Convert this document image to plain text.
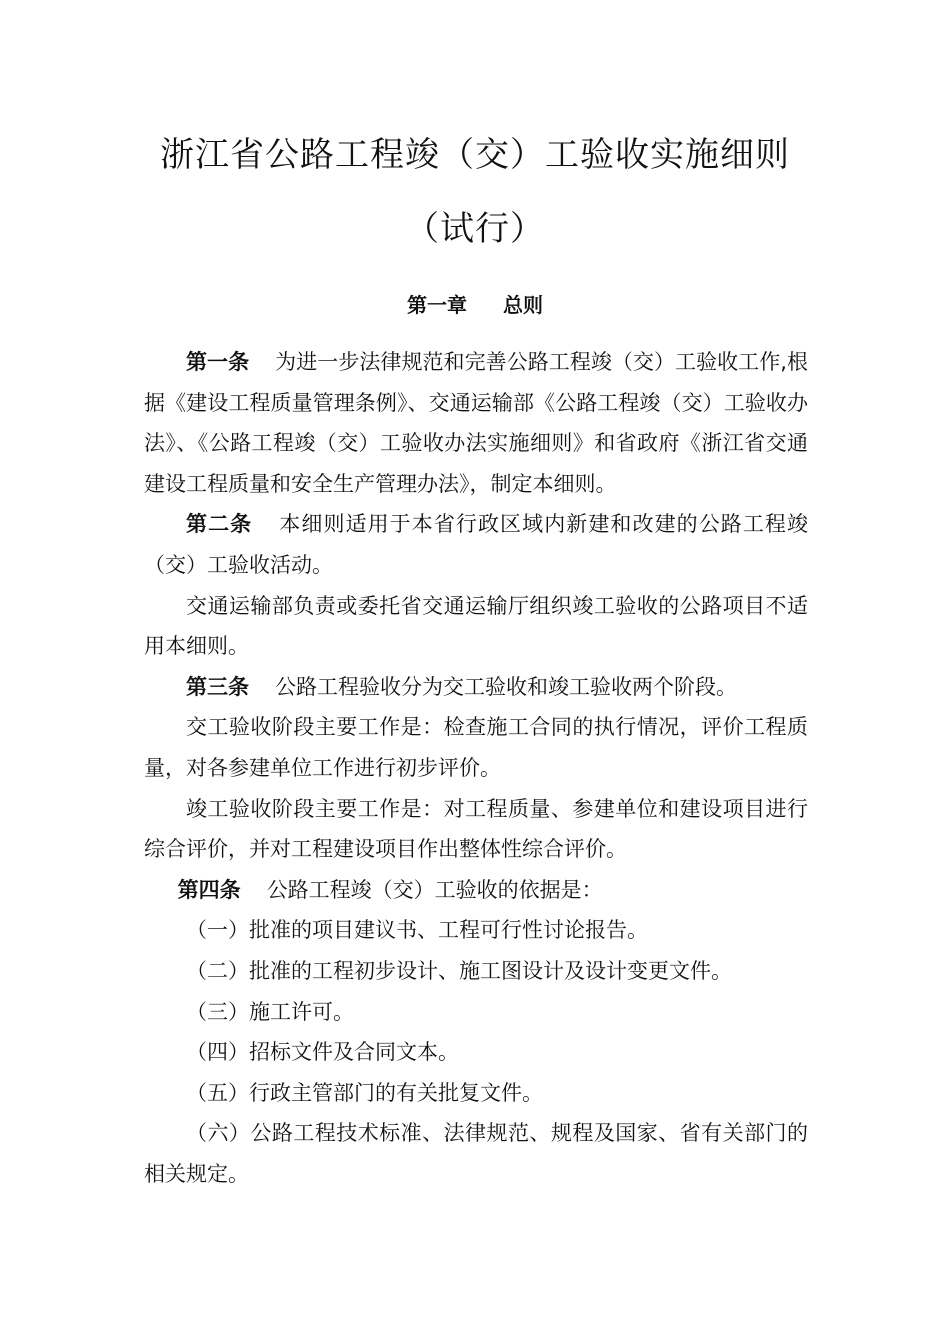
浙江省公路工程竣（交）工验收实施细则
（试行）
第一章 总则

第一条 为进一步法律规范和完善公路工程竣（交）工验收工作,根据《建设工程质量管理条例》、交通运输部《公路工程竣（交）工验收办法》、《公路工程竣（交）工验收办法实施细则》和省政府《浙江省交通建设工程质量和安全生产管理办法》，制定本细则。

第二条 本细则适用于本省行政区域内新建和改建的公路工程竣（交）工验收活动。

交通运输部负责或委托省交通运输厅组织竣工验收的公路项目不适用本细则。

第三条 公路工程验收分为交工验收和竣工验收两个阶段。

交工验收阶段主要工作是：检查施工合同的执行情况，评价工程质量，对各参建单位工作进行初步评价。

竣工验收阶段主要工作是：对工程质量、参建单位和建设项目进行综合评价，并对工程建设项目作出整体性综合评价。

第四条 公路工程竣（交）工验收的依据是：

（一）批准的项目建议书、工程可行性讨论报告。

（二）批准的工程初步设计、施工图设计及设计变更文件。

（三）施工许可。

（四）招标文件及合同文本。

（五）行政主管部门的有关批复文件。

（六）公路工程技术标准、法律规范、规程及国家、省有关部门的相关规定。
